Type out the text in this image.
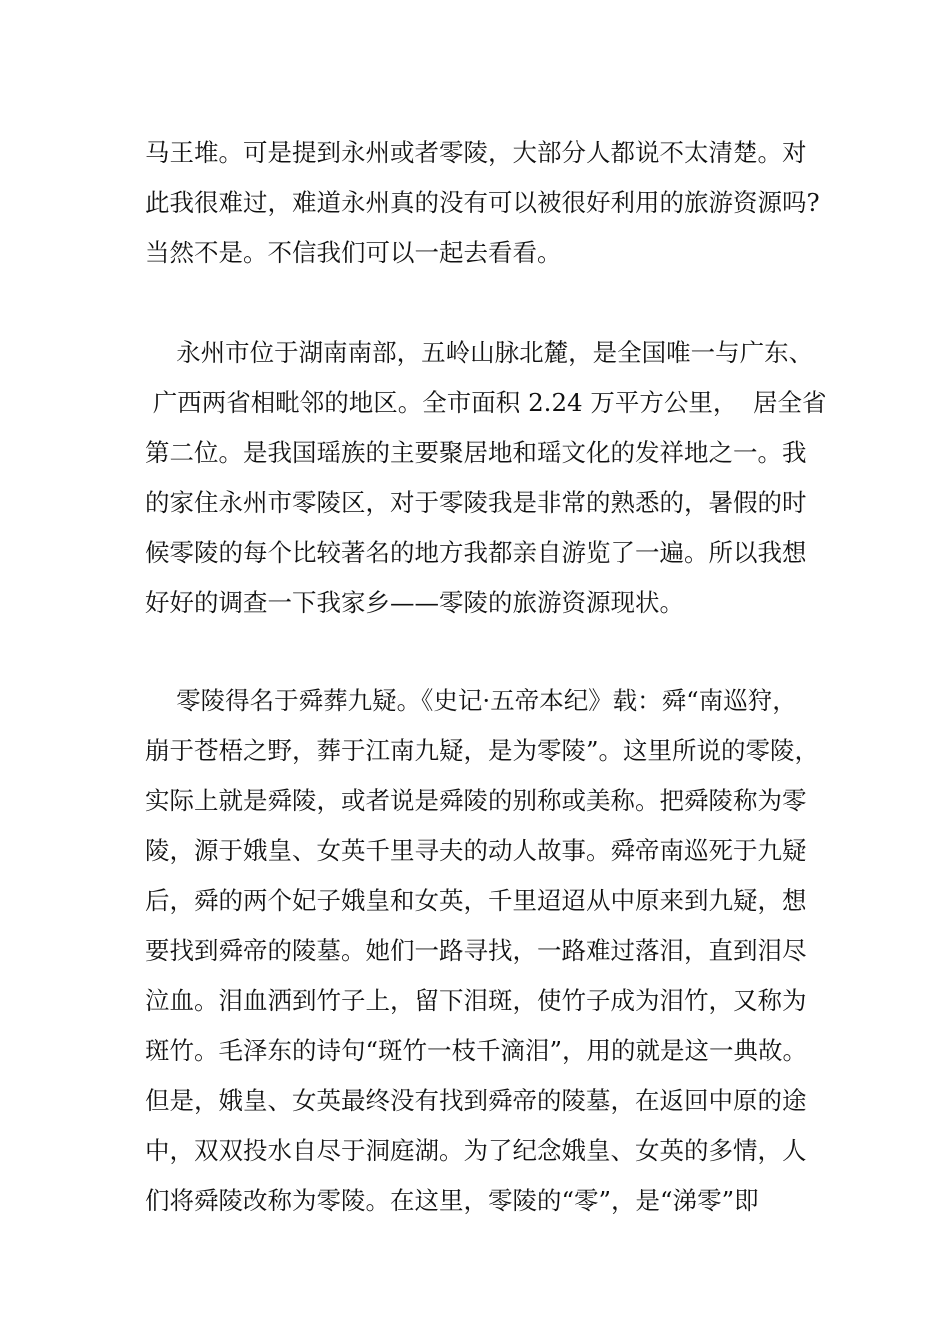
马王堆。可是提到永州或者零陵，大部分人都说不太清楚。对
此我很难过，难道永州真的没有可以被很好利用的旅游资源吗?
当然不是。不信我们可以一起去看看。
永州市位于湖南南部，五岭山脉北麓，是全国唯一与广东、
广西两省相毗邻的地区。全市面积 2.24 万平方公里，  居全省
第二位。是我国瑶族的主要聚居地和瑶文化的发祥地之一。我
的家住永州市零陵区，对于零陵我是非常的熟悉的，暑假的时
候零陵的每个比较著名的地方我都亲自游览了一遍。所以我想
好好的调查一下我家乡——零陵的旅游资源现状。
零陵得名于舜葬九疑。《史记·五帝本纪》载：舜“南巡狩，
崩于苍梧之野，葬于江南九疑，是为零陵”。这里所说的零陵，
实际上就是舜陵，或者说是舜陵的别称或美称。把舜陵称为零
陵，源于娥皇、女英千里寻夫的动人故事。舜帝南巡死于九疑
后，舜的两个妃子娥皇和女英，千里迢迢从中原来到九疑，想
要找到舜帝的陵墓。她们一路寻找，一路难过落泪，直到泪尽
泣血。泪血洒到竹子上，留下泪斑，使竹子成为泪竹，又称为
斑竹。毛泽东的诗句“斑竹一枝千滴泪”，用的就是这一典故。
但是，娥皇、女英最终没有找到舜帝的陵墓，在返回中原的途
中，双双投水自尽于洞庭湖。为了纪念娥皇、女英的多情，人
们将舜陵改称为零陵。在这里，零陵的“零”，是“涕零”即
